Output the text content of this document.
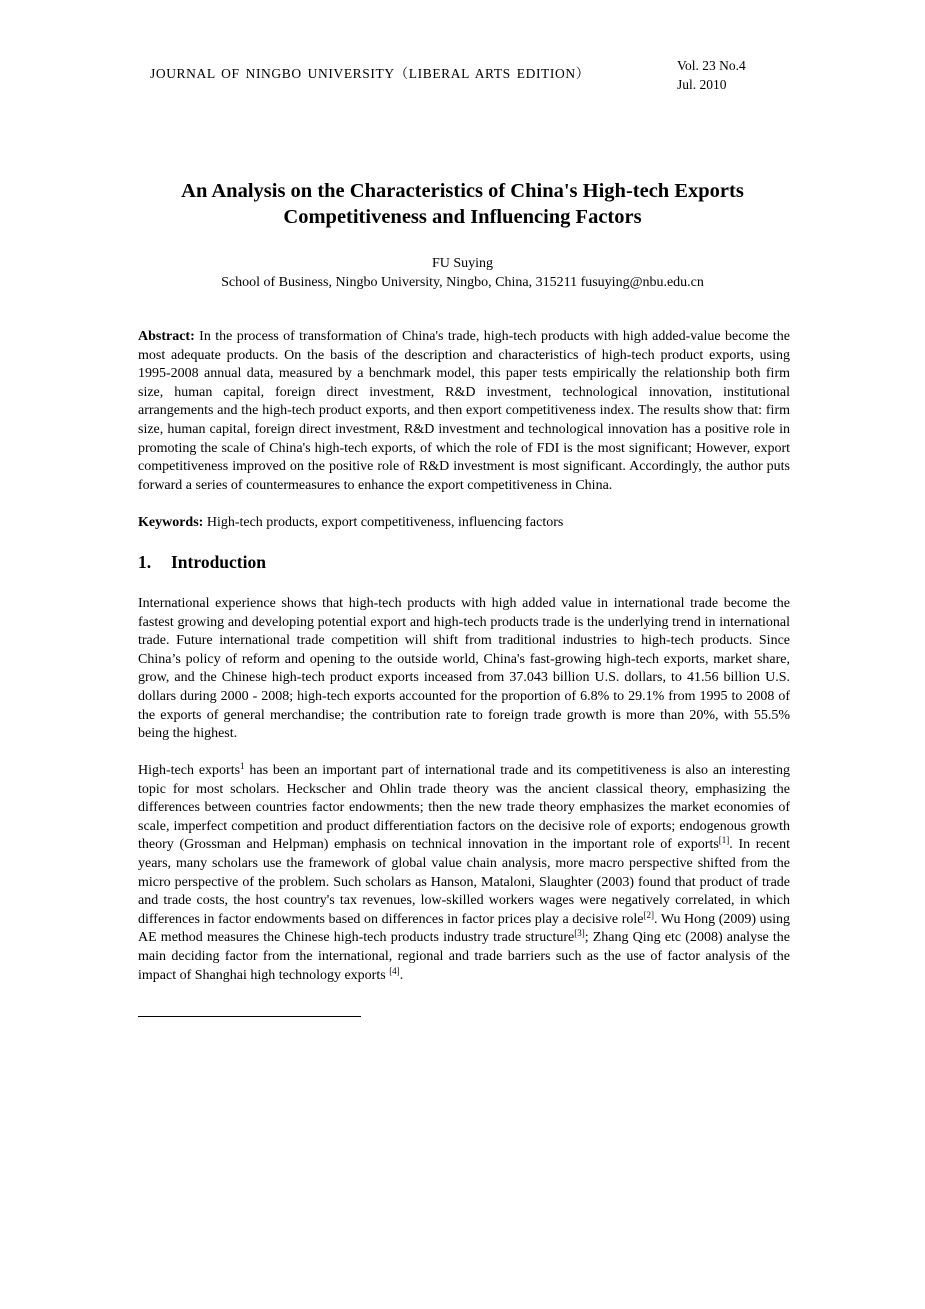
JOURNAL OF NINGBO UNIVERSITY（LIBERAL ARTS EDITION）
Vol. 23 No.4
Jul. 2010
An Analysis on the Characteristics of China's High-tech Exports
Competitiveness and Influencing Factors
FU Suying
School of Business, Ningbo University, Ningbo, China, 315211 fusuying@nbu.edu.cn
Abstract: In the process of transformation of China's trade, high-tech products with high added-value become the most adequate products. On the basis of the description and characteristics of high-tech product exports, using 1995-2008 annual data, measured by a benchmark model, this paper tests empirically the relationship both firm size, human capital, foreign direct investment, R&D investment, technological innovation, institutional arrangements and the high-tech product exports, and then export competitiveness index. The results show that: firm size, human capital, foreign direct investment, R&D investment and technological innovation has a positive role in promoting the scale of China's high-tech exports, of which the role of FDI is the most significant; However, export competitiveness improved on the positive role of R&D investment is most significant. Accordingly, the author puts forward a series of countermeasures to enhance the export competitiveness in China.
Keywords: High-tech products, export competitiveness, influencing factors
1. Introduction
International experience shows that high-tech products with high added value in international trade become the fastest growing and developing potential export and high-tech products trade is the underlying trend in international trade. Future international trade competition will shift from traditional industries to high-tech products. Since China’s policy of reform and opening to the outside world, China's fast-growing high-tech exports, market share, grow, and the Chinese high-tech product exports inceased from 37.043 billion U.S. dollars, to 41.56 billion U.S. dollars during 2000 - 2008; high-tech exports accounted for the proportion of 6.8% to 29.1% from 1995 to 2008 of the exports of general merchandise; the contribution rate to foreign trade growth is more than 20%, with 55.5% being the highest.
High-tech exports$^1$ has been an important part of international trade and its competitiveness is also an interesting topic for most scholars. Heckscher and Ohlin trade theory was the ancient classical theory, emphasizing the differences between countries factor endowments; then the new trade theory emphasizes the market economies of scale, imperfect competition and product differentiation factors on the decisive role of exports; endogenous growth theory (Grossman and Helpman) emphasis on technical innovation in the important role of exports[1]. In recent years, many scholars use the framework of global value chain analysis, more macro perspective shifted from the micro perspective of the problem. Such scholars as Hanson, Mataloni, Slaughter (2003) found that product of trade and trade costs, the host country's tax revenues, low-skilled workers wages were negatively correlated, in which differences in factor endowments based on differences in factor prices play a decisive role[2]. Wu Hong (2009) using AE method measures the Chinese high-tech products industry trade structure[3]; Zhang Qing etc (2008) analyse the main deciding factor from the international, regional and trade barriers such as the use of factor analysis of the impact of Shanghai high technology exports [4].
